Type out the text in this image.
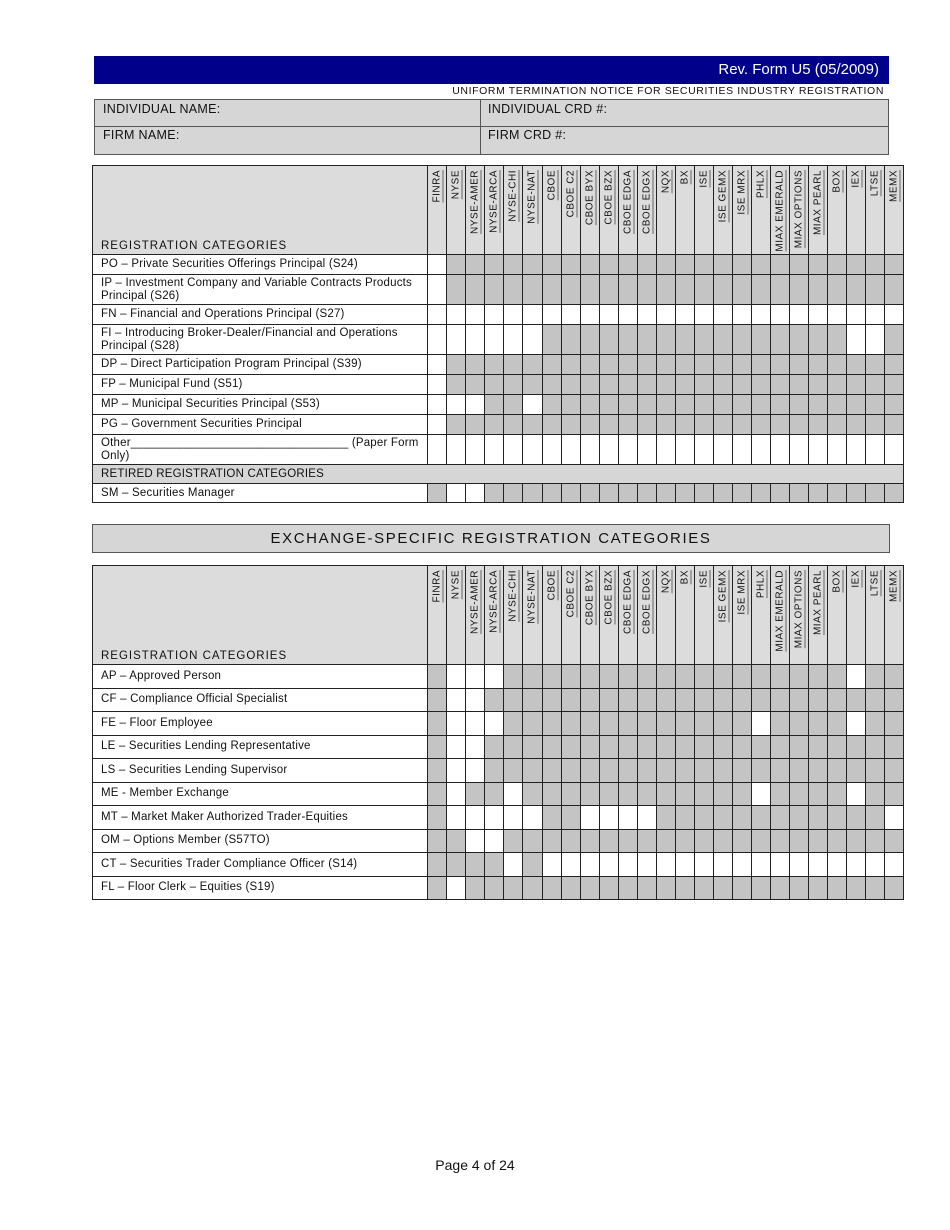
Rev. Form U5 (05/2009)
UNIFORM TERMINATION NOTICE FOR SECURITIES INDUSTRY REGISTRATION
INDIVIDUAL NAME:	INDIVIDUAL CRD #:
FIRM NAME:	FIRM CRD #:
REGISTRATION CATEGORIES	FINRA	NYSE	NYSE-AMER	NYSE-ARCA	NYSE-CHI	NYSE-NAT	CBOE	CBOE C2	CBOE BYX	CBOE BZX	CBOE EDGA	CBOE EDGX	NQX	BX	ISE	ISE GEMX	ISE MRX	PHLX	MIAX EMERALD	MIAX OPTIONS	MIAX PEARL	BOX	IEX	LTSE	MEMX

PO – Private Securities Offerings Principal (S24)																									
IP – Investment Company and Variable Contracts Products Principal (S26)																									
FN – Financial and Operations Principal (S27)																									
FI – Introducing Broker-Dealer/Financial and Operations Principal (S28)																									
DP – Direct Participation Program Principal (S39)																									
FP – Municipal Fund (S51)																									
MP – Municipal Securities Principal (S53)																									
PG – Government Securities Principal																									
Other_________________________________ (Paper Form Only)																									
RETIRED REGISTRATION CATEGORIES																									
SM – Securities Manager																									
EXCHANGE-SPECIFIC REGISTRATION CATEGORIES
REGISTRATION CATEGORIES	FINRA	NYSE	NYSE-AMER	NYSE-ARCA	NYSE-CHI	NYSE-NAT	CBOE	CBOE C2	CBOE BYX	CBOE BZX	CBOE EDGA	CBOE EDGX	NQX	BX	ISE	ISE GEMX	ISE MRX	PHLX	MIAX EMERALD	MIAX OPTIONS	MIAX PEARL	BOX	IEX	LTSE	MEMX

AP – Approved Person																									
CF – Compliance Official Specialist																									
FE – Floor Employee																									
LE – Securities Lending Representative																									
LS – Securities Lending Supervisor																									
ME - Member Exchange																									
MT – Market Maker Authorized Trader-Equities																									
OM – Options Member (S57TO)																									
CT – Securities Trader Compliance Officer (S14)																									
FL – Floor Clerk – Equities (S19)																									
Page 4 of 24
